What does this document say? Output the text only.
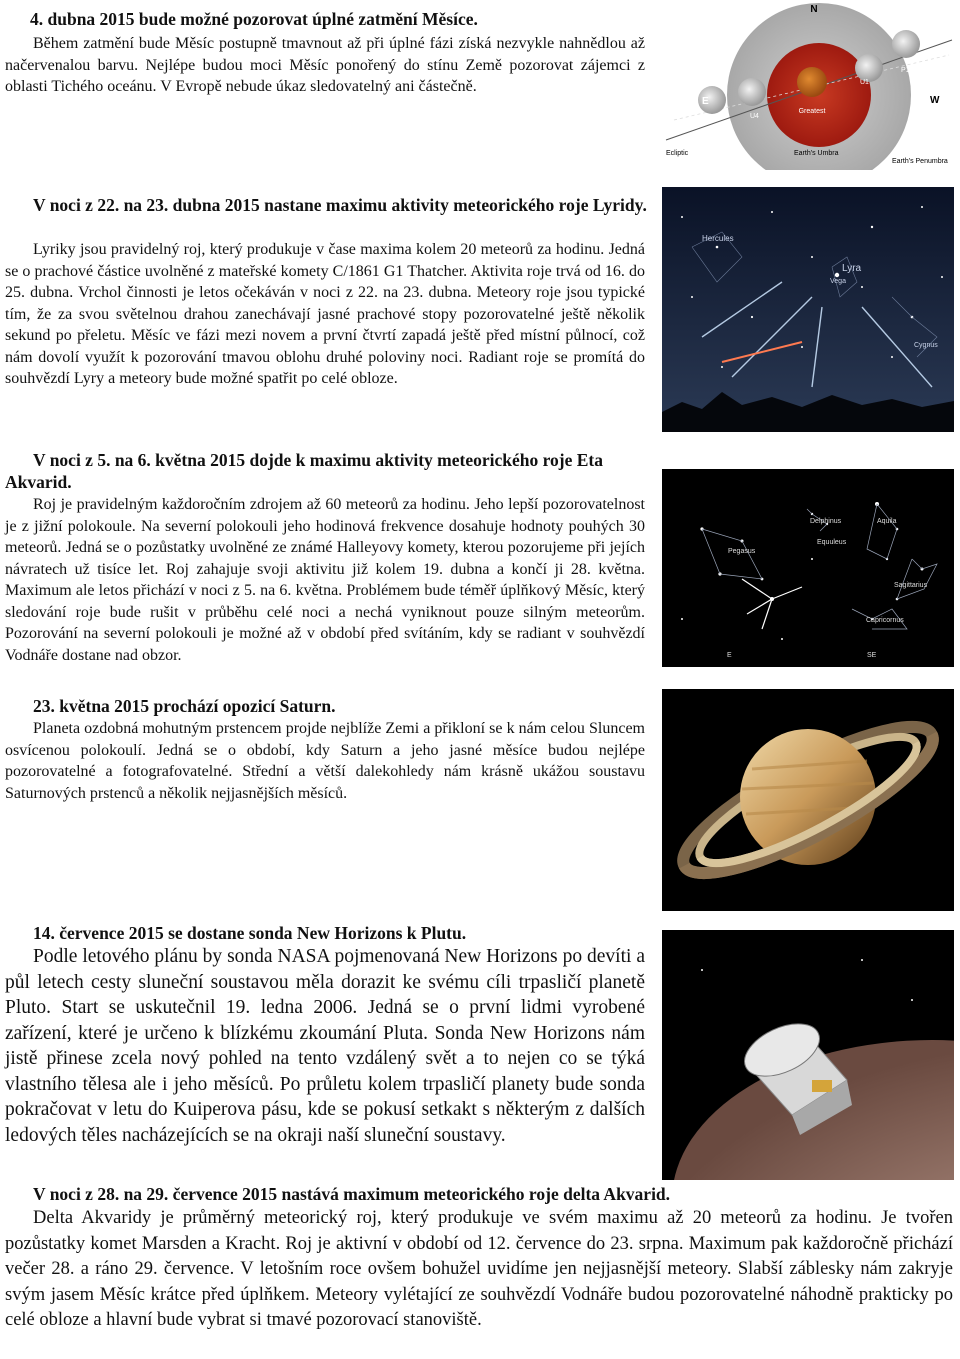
4. dubna 2015 bude možné pozorovat úplné zatmění Měsíce.

Během zatmění bude Měsíc postupně tmavnout až při úplné fázi získá nezvykle nahnědlou až načervenalou barvu. Nejlépe budou moci Měsíc ponořený do stínu Země pozorovat zájemci z oblasti Tichého oceánu. V Evropě nebude úkaz sledovatelný ani částečně.

N
E	W
P1
P4
U1
U4
Greatest
Ecliptic	Earth's Umbra
Earth's Penumbra
V noci z 22. na 23. dubna 2015 nastane maximu aktivity meteorického roje Lyridy.

Lyriky jsou pravidelný roj, který produkuje v čase maxima kolem 20 meteorů za hodinu. Jedná se o prachové částice uvolněné z mateřské komety C/1861 G1 Thatcher. Aktivita roje trvá od 16. do 25. dubna. Vrchol činnosti je letos očekáván v noci z 22. na 23. dubna. Meteory roje jsou typické tím, že za svou světelnou drahou zanechávají jasné prachové stopy pozorovatelné ještě několik sekund po přeletu. Měsíc ve fázi mezi novem a první čtvrtí zapadá ještě před místní půlnocí, což nám dovolí využít k pozorování tmavou oblohu druhé poloviny noci. Radiant roje se promítá do souhvězdí Lyry a meteory bude možné spatřit po celé obloze.

Hercules
Lyra
Vega
Cygnus
V noci z 5. na 6. května 2015 dojde k maximu aktivity meteorického roje Eta Akvarid.

Roj je pravidelným každoročním zdrojem až 60 meteorů za hodinu. Jeho lepší pozorovatelnost je z jižní polokoule. Na severní polokouli jeho hodinová frekvence dosahuje hodnoty pouhých 30 meteorů. Jedná se o pozůstatky uvolněné ze známé Halleyovy komety, kterou pozorujeme při jejích návratech už tisíce let. Roj zahajuje svoji aktivitu již kolem 19. dubna a končí ji 28. května. Maximum ale letos přichází v noci z 5. na 6. května. Problémem bude téměř úplňkový Měsíc, který sledování roje bude rušit v průběhu celé noci a nechá vyniknout pouze silným meteorům. Pozorování na severní polokouli je možné až v období před svítáním, kdy se radiant v souhvězdí Vodnáře dostane nad obzor.

Delphinus	Aquila
Equuleus
Pegasus
Sagittarius
Capricornus
E	SE
23. května 2015 prochází opozicí Saturn.

Planeta ozdobná mohutným prstencem projde nejblíže Zemi a přikloní se k nám celou Sluncem osvícenou polokoulí. Jedná se o období, kdy Saturn a jeho jasné měsíce budou nejlépe pozorovatelné a fotografovatelné. Střední a větší dalekohledy nám krásně ukážou soustavu Saturnových prstenců a několik nejjasnějších měsíců.

14. července 2015 se dostane sonda New Horizons k Plutu.

Podle letového plánu by sonda NASA pojmenovaná New Horizons po devíti a půl letech cesty sluneční soustavou měla dorazit ke svému cíli trpasličí planetě Pluto. Start se uskutečnil 19. ledna 2006. Jedná se o první lidmi vyrobené zařízení, které je určeno k blízkému zkoumání Pluta. Sonda New Horizons nám jistě přinese zcela nový pohled na tento vzdálený svět a to nejen co se týká vlastního tělesa ale i jeho měsíců. Po průletu kolem trpasličí planety bude sonda pokračovat v letu do Kuiperova pásu, kde se pokusí setkakt s některým z dalších ledových těles nacházejících se na okraji naší sluneční soustavy.

V noci z 28. na 29. července 2015 nastává maximum meteorického roje delta Akvarid.

Delta Akvaridy je průměrný meteorický roj, který produkuje ve svém maximu až 20 meteorů za hodinu. Je tvořen pozůstatky komet Marsden a Kracht. Roj je aktivní v období od 12. července do 23. srpna. Maximum pak každoročně přichází večer 28. a ráno 29. července. V letošním roce ovšem bohužel uvidíme jen nejjasnější meteory. Slabší záblesky nám zakryje svým jasem Měsíc krátce před úplňkem. Meteory vylétající ze souhvězdí Vodnáře budou pozorovatelné náhodně prakticky po celé obloze a hlavní bude vybrat si tmavé pozorovací stanoviště.
